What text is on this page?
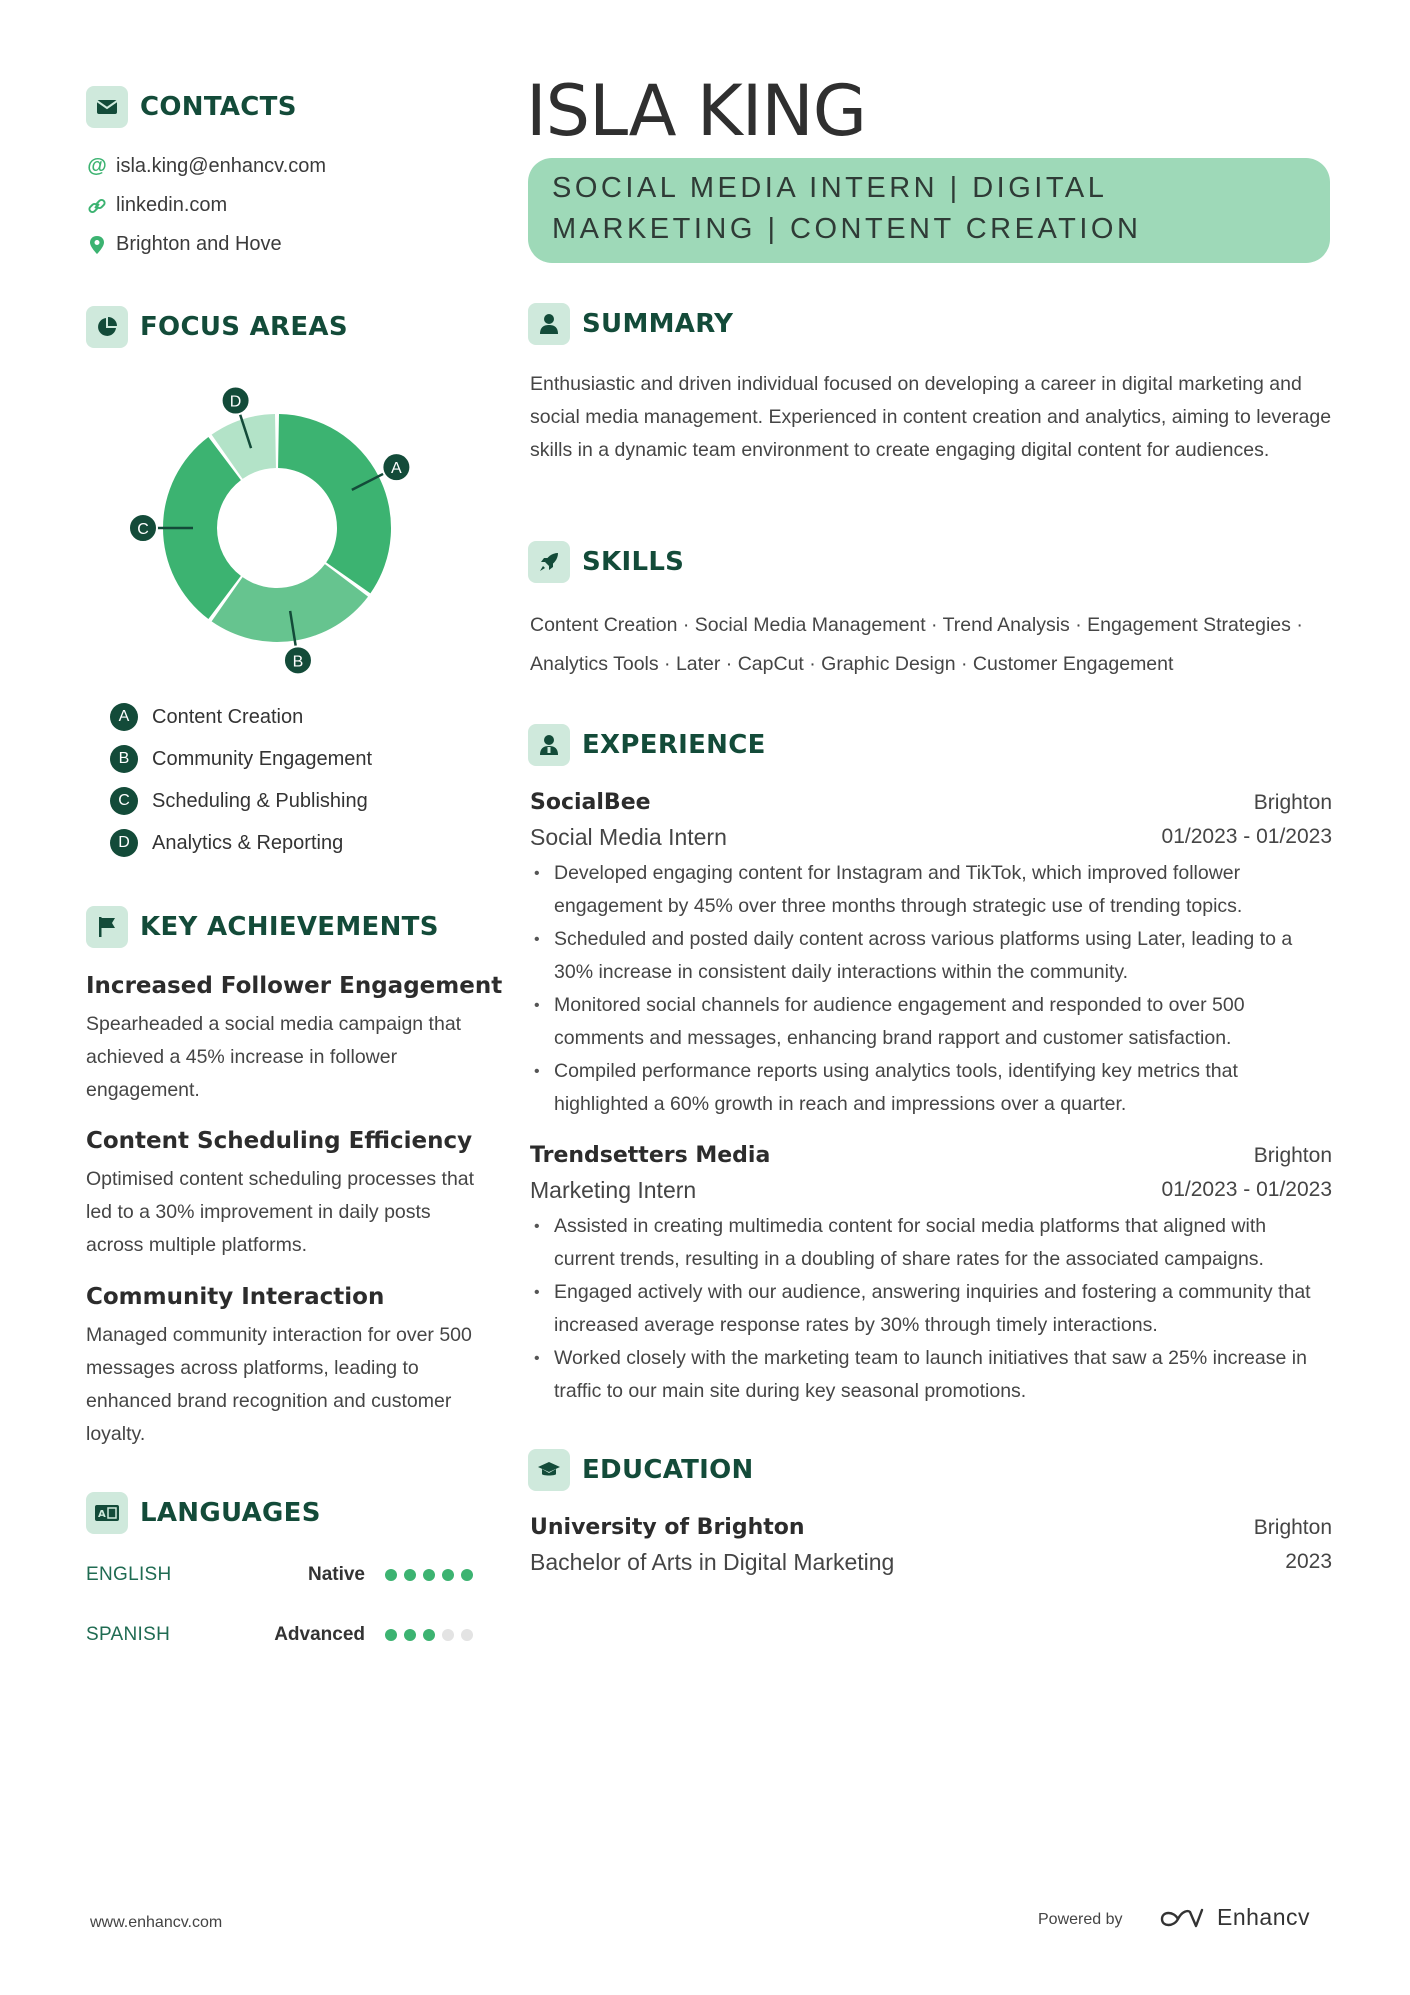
ISLA KING
SOCIAL MEDIA INTERN | DIGITAL
MARKETING | CONTENT CREATION
CONTACTS
@ isla.king@enhancv.com
linkedin.com
Brighton and Hove
FOCUS AREAS
A
B
C
D
A	Content Creation
B	Community Engagement
C	Scheduling & Publishing
D	Analytics & Reporting
KEY ACHIEVEMENTS
Increased Follower Engagement
Spearheaded a social media campaign that achieved a 45% increase in follower engagement.
Content Scheduling Efficiency
Optimised content scheduling processes that led to a 30% improvement in daily posts across multiple platforms.
Community Interaction
Managed community interaction for over 500 messages across platforms, leading to enhanced brand recognition and customer loyalty.
A LANGUAGES
ENGLISH	Native
SPANISH	Advanced
SUMMARY
Enthusiastic and driven individual focused on developing a career in digital marketing and social media management. Experienced in content creation and analytics, aiming to leverage skills in a dynamic team environment to create engaging digital content for audiences.
SKILLS
Content Creation · Social Media Management · Trend Analysis · Engagement Strategies ·
Analytics Tools · Later · CapCut · Graphic Design · Customer Engagement
EXPERIENCE
SocialBee	Brighton
Social Media Intern	01/2023 - 01/2023
• Developed engaging content for Instagram and TikTok, which improved follower engagement by 45% over three months through strategic use of trending topics.
• Scheduled and posted daily content across various platforms using Later, leading to a 30% increase in consistent daily interactions within the community.
• Monitored social channels for audience engagement and responded to over 500 comments and messages, enhancing brand rapport and customer satisfaction.
• Compiled performance reports using analytics tools, identifying key metrics that highlighted a 60% growth in reach and impressions over a quarter.
Trendsetters Media	Brighton
Marketing Intern	01/2023 - 01/2023
• Assisted in creating multimedia content for social media platforms that aligned with current trends, resulting in a doubling of share rates for the associated campaigns.
• Engaged actively with our audience, answering inquiries and fostering a community that increased average response rates by 30% through timely interactions.
• Worked closely with the marketing team to launch initiatives that saw a 25% increase in traffic to our main site during key seasonal promotions.
EDUCATION
University of Brighton	Brighton
Bachelor of Arts in Digital Marketing	2023
www.enhancv.com	Powered by	Enhancv
